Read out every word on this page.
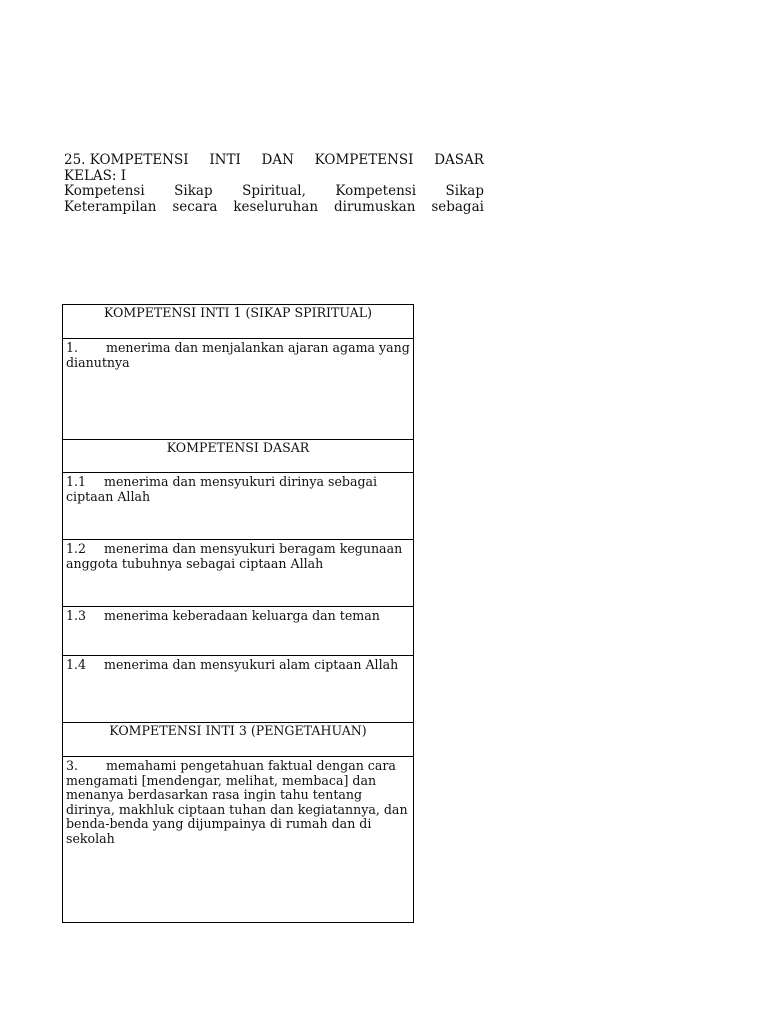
25. KOMPETENSI INTI DAN KOMPETENSI DASAR
KELAS: I
Kompetensi Sikap Spiritual, Kompetensi Sikap
Keterampilan secara keseluruhan dirumuskan sebagai
KOMPETENSI INTI 1 (SIKAP SPIRITUAL)
1. menerima dan menjalankan ajaran agama yang dianutnya
KOMPETENSI DASAR
1.1 menerima dan mensyukuri dirinya sebagai ciptaan Allah
1.2 menerima dan mensyukuri beragam kegunaan anggota tubuhnya sebagai ciptaan Allah
1.3 menerima keberadaan keluarga dan teman
1.4 menerima dan mensyukuri alam ciptaan Allah
KOMPETENSI INTI 3 (PENGETAHUAN)
3. memahami pengetahuan faktual dengan cara mengamati [mendengar, melihat, membaca] dan menanya berdasarkan rasa ingin tahu tentang dirinya, makhluk ciptaan tuhan dan kegiatannya, dan benda-benda yang dijumpainya di rumah dan di sekolah
